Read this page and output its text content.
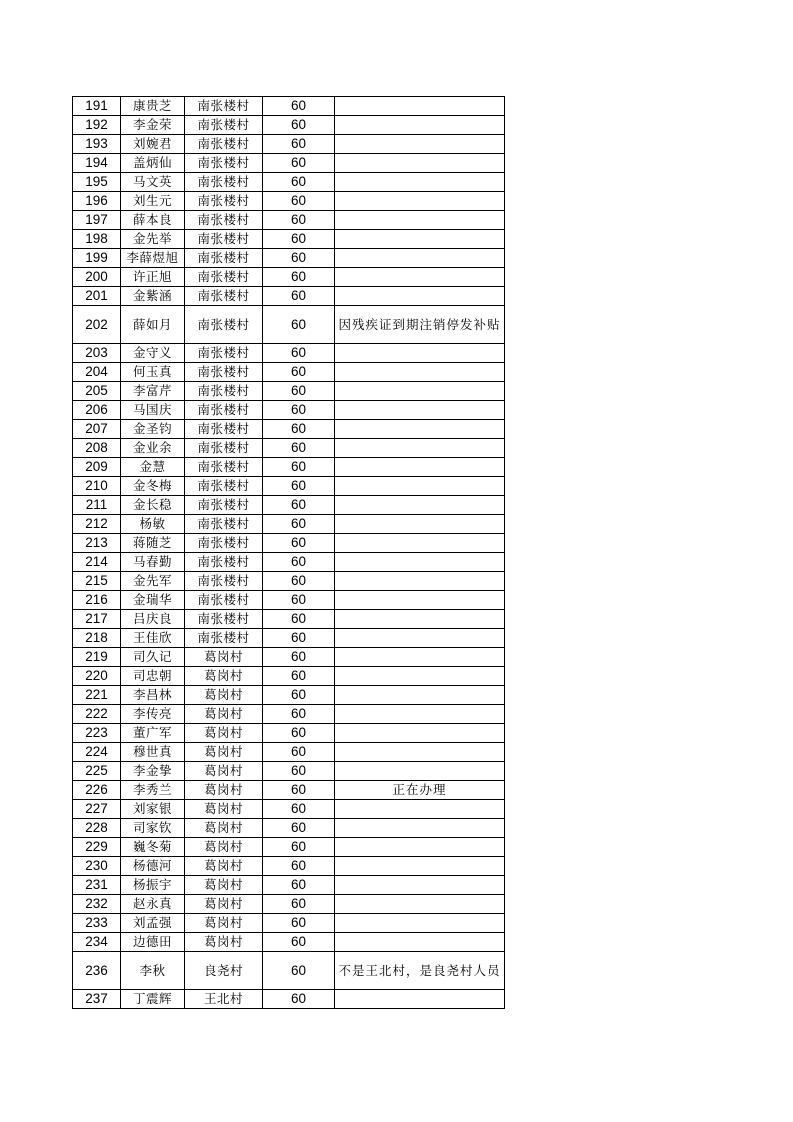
191	康贵芝	南张楼村	60	
192	李金荣	南张楼村	60	
193	刘婉君	南张楼村	60	
194	盖炳仙	南张楼村	60	
195	马文英	南张楼村	60	
196	刘生元	南张楼村	60	
197	薛本良	南张楼村	60	
198	金先举	南张楼村	60	
199	李薛煜旭	南张楼村	60	
200	许正旭	南张楼村	60	
201	金紫涵	南张楼村	60	
202	薛如月	南张楼村	60	因残疾证到期注销停发补贴
203	金守义	南张楼村	60	
204	何玉真	南张楼村	60	
205	李富芹	南张楼村	60	
206	马国庆	南张楼村	60	
207	金圣钧	南张楼村	60	
208	金业余	南张楼村	60	
209	金慧	南张楼村	60	
210	金冬梅	南张楼村	60	
211	金长稳	南张楼村	60	
212	杨敏	南张楼村	60	
213	蒋随芝	南张楼村	60	
214	马春勤	南张楼村	60	
215	金先军	南张楼村	60	
216	金瑞华	南张楼村	60	
217	吕庆良	南张楼村	60	
218	王佳欣	南张楼村	60	
219	司久记	葛岗村	60	
220	司忠朝	葛岗村	60	
221	李昌林	葛岗村	60	
222	李传亮	葛岗村	60	
223	董广军	葛岗村	60	
224	穆世真	葛岗村	60	
225	李金挚	葛岗村	60	
226	李秀兰	葛岗村	60	正在办理
227	刘家银	葛岗村	60	
228	司家钦	葛岗村	60	
229	巍冬菊	葛岗村	60	
230	杨德河	葛岗村	60	
231	杨振宇	葛岗村	60	
232	赵永真	葛岗村	60	
233	刘孟强	葛岗村	60	
234	边德田	葛岗村	60	
236	李秋	良尧村	60	不是王北村，是良尧村人员
237	丁震辉	王北村	60	
